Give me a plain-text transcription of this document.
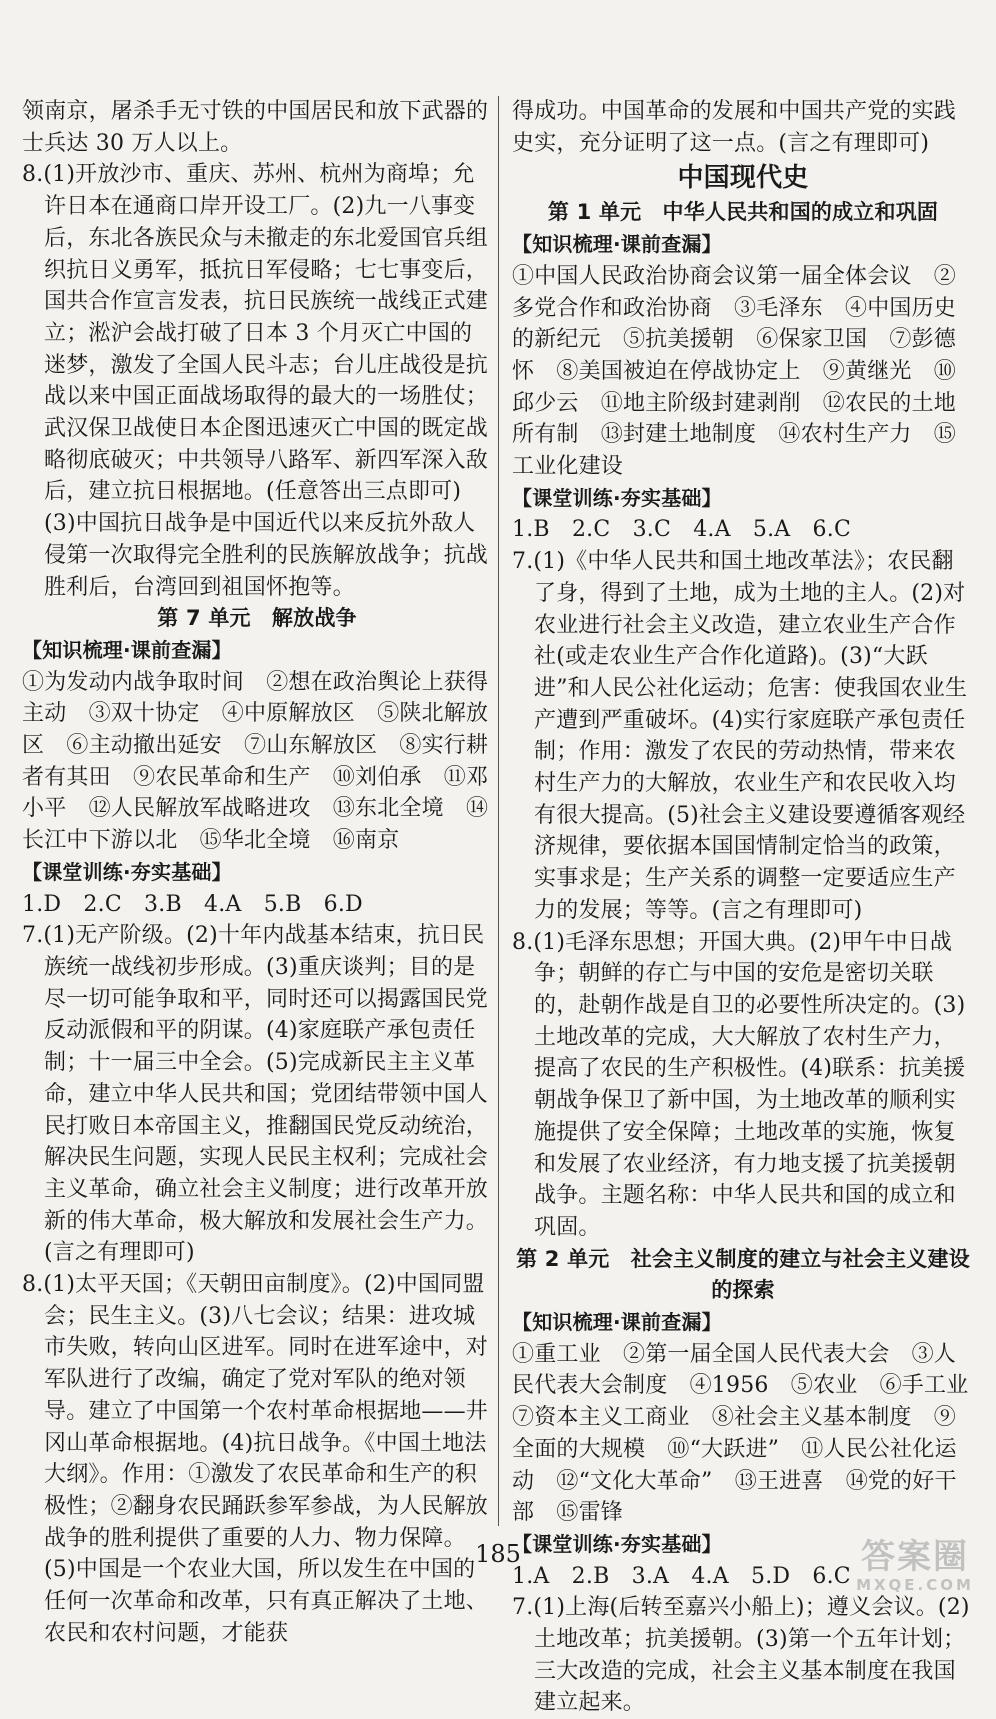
领南京，屠杀手无寸铁的中国居民和放下武器的士兵达 30 万人以上。

8.(1)开放沙市、重庆、苏州、杭州为商埠；允许日本在通商口岸开设工厂。(2)九一八事变后，东北各族民众与未撤走的东北爱国官兵组织抗日义勇军，抵抗日军侵略；七七事变后，国共合作宣言发表，抗日民族统一战线正式建立；淞沪会战打破了日本 3 个月灭亡中国的迷梦，激发了全国人民斗志；台儿庄战役是抗战以来中国正面战场取得的最大的一场胜仗；武汉保卫战使日本企图迅速灭亡中国的既定战略彻底破灭；中共领导八路军、新四军深入敌后，建立抗日根据地。(任意答出三点即可)(3)中国抗日战争是中国近代以来反抗外敌人侵第一次取得完全胜利的民族解放战争；抗战胜利后，台湾回到祖国怀抱等。

第 7 单元　解放战争

【知识梳理·课前查漏】

①为发动内战争取时间　②想在政治舆论上获得主动　③双十协定　④中原解放区　⑤陕北解放区　⑥主动撤出延安　⑦山东解放区　⑧实行耕者有其田　⑨农民革命和生产　⑩刘伯承　⑪邓小平　⑫人民解放军战略进攻　⑬东北全境　⑭长江中下游以北　⑮华北全境　⑯南京

【课堂训练·夯实基础】

1.D　2.C　3.B　4.A　5.B　6.D

7.(1)无产阶级。(2)十年内战基本结束，抗日民族统一战线初步形成。(3)重庆谈判；目的是尽一切可能争取和平，同时还可以揭露国民党反动派假和平的阴谋。(4)家庭联产承包责任制；十一届三中全会。(5)完成新民主主义革命，建立中华人民共和国；党团结带领中国人民打败日本帝国主义，推翻国民党反动统治，解决民生问题，实现人民民主权利；完成社会主义革命，确立社会主义制度；进行改革开放新的伟大革命，极大解放和发展社会生产力。(言之有理即可)

8.(1)太平天国；《天朝田亩制度》。(2)中国同盟会；民生主义。(3)八七会议；结果：进攻城市失败，转向山区进军。同时在进军途中，对军队进行了改编，确定了党对军队的绝对领导。建立了中国第一个农村革命根据地——井冈山革命根据地。(4)抗日战争。《中国土地法大纲》。作用：①激发了农民革命和生产的积极性；②翻身农民踊跃参军参战，为人民解放战争的胜利提供了重要的人力、物力保障。(5)中国是一个农业大国，所以发生在中国的任何一次革命和改革，只有真正解决了土地、农民和农村问题，才能获

得成功。中国革命的发展和中国共产党的实践史实，充分证明了这一点。(言之有理即可)

中国现代史

第 1 单元　中华人民共和国的成立和巩固

【知识梳理·课前查漏】

①中国人民政治协商会议第一届全体会议　②多党合作和政治协商　③毛泽东　④中国历史的新纪元　⑤抗美援朝　⑥保家卫国　⑦彭德怀　⑧美国被迫在停战协定上　⑨黄继光　⑩邱少云　⑪地主阶级封建剥削　⑫农民的土地所有制　⑬封建土地制度　⑭农村生产力　⑮工业化建设

【课堂训练·夯实基础】

1.B　2.C　3.C　4.A　5.A　6.C

7.(1)《中华人民共和国土地改革法》；农民翻了身，得到了土地，成为土地的主人。(2)对农业进行社会主义改造，建立农业生产合作社(或走农业生产合作化道路)。(3)“大跃进”和人民公社化运动；危害：使我国农业生产遭到严重破坏。(4)实行家庭联产承包责任制；作用：激发了农民的劳动热情，带来农村生产力的大解放，农业生产和农民收入均有很大提高。(5)社会主义建设要遵循客观经济规律，要依据本国国情制定恰当的政策，实事求是；生产关系的调整一定要适应生产力的发展；等等。(言之有理即可)

8.(1)毛泽东思想；开国大典。(2)甲午中日战争；朝鲜的存亡与中国的安危是密切关联的，赴朝作战是自卫的必要性所决定的。(3)土地改革的完成，大大解放了农村生产力，提高了农民的生产积极性。(4)联系：抗美援朝战争保卫了新中国，为土地改革的顺利实施提供了安全保障；土地改革的实施，恢复和发展了农业经济，有力地支援了抗美援朝战争。主题名称：中华人民共和国的成立和巩固。

第 2 单元　社会主义制度的建立与社会主义建设的探索

【知识梳理·课前查漏】

①重工业　②第一届全国人民代表大会　③人民代表大会制度　④1956　⑤农业　⑥手工业　⑦资本主义工商业　⑧社会主义基本制度　⑨全面的大规模　⑩“大跃进”　⑪人民公社化运动　⑫“文化大革命”　⑬王进喜　⑭党的好干部　⑮雷锋

【课堂训练·夯实基础】

1.A　2.B　3.A　4.A　5.D　6.C

7.(1)上海(后转至嘉兴小船上)；遵义会议。(2)土地改革；抗美援朝。(3)第一个五年计划；三大改造的完成，社会主义基本制度在我国建立起来。

185	答案圈
MXQE.COM
